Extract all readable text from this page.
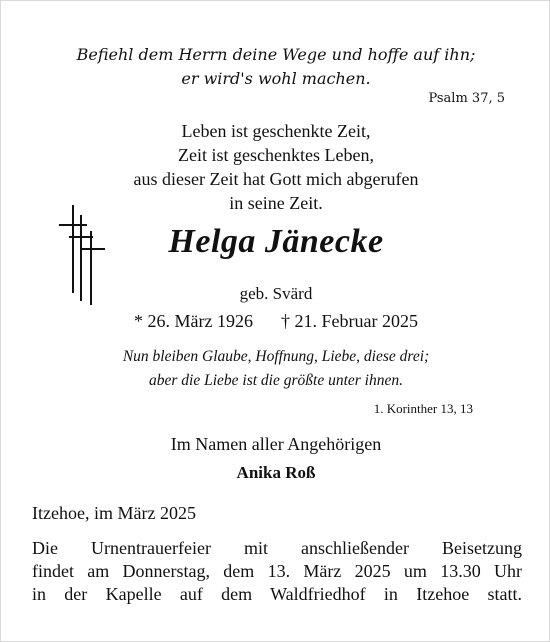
Befiehl dem Herrn deine Wege und hoffe auf ihn;
er wird's wohl machen.
Psalm 37, 5
Leben ist geschenkte Zeit,
Zeit ist geschenktes Leben,
aus dieser Zeit hat Gott mich abgerufen
in seine Zeit.
Helga Jänecke
geb. Svärd
* 26. März 1926 † 21. Februar 2025
Nun bleiben Glaube, Hoffnung, Liebe, diese drei;
aber die Liebe ist die größte unter ihnen.
1. Korinther 13, 13
Im Namen aller Angehörigen
Anika Roß
Itzehoe, im März 2025
Die Urnentrauerfeier mit anschließender Beisetzung
findet am Donnerstag, dem 13. März 2025 um 13.30 Uhr
in der Kapelle auf dem Waldfriedhof in Itzehoe statt.
